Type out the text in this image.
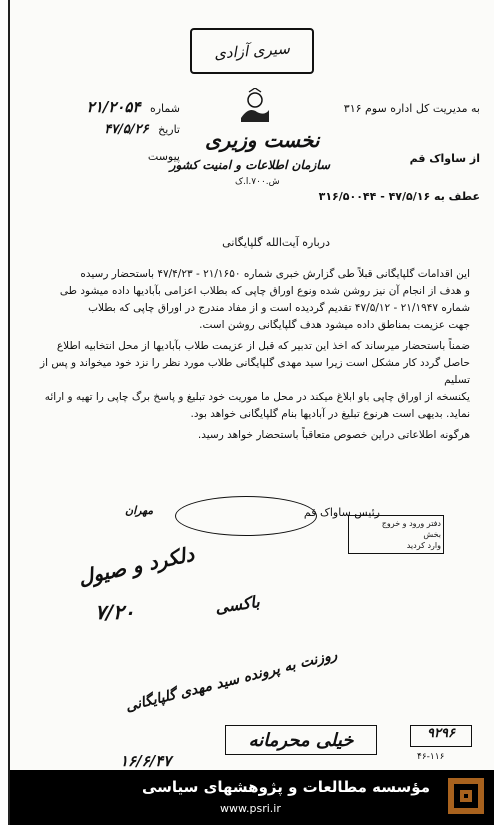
سیری آزادی
شماره ۲۱/۲۰۵۴
تاریخ ۴۷/۵/۲۶
پیوست
نخست وزیری
سازمان اطلاعات و امنیت کشور
ش.۷۰۰.ا.ک
به مدیریت کل اداره سوم ۳۱۶
از ساواک قم
عطف به ۴۷/۵/۱۶ - ۳۱۶/۵۰۰۴۴
درباره آیت‌الله گلپایگانی
این اقدامات گلپایگانی قبلاً طی گزارش خبری شماره ۲۱/۱۶۵۰ - ۴۷/۴/۲۳ باستحضار رسیده
و هدف از انجام آن نیز روشن شده ونوع اوراق چاپی که بطلاب اعزامی بآبادیها داده میشود طی
شماره ۲۱/۱۹۴۷ - ۴۷/۵/۱۲ تقدیم گردیده است و از مفاد مندرج در اوراق چاپی که بطلاب
جهت عزیمت بمناطق داده میشود هدف گلپایگانی روشن است.
ضمناً باستحضار میرساند که اخذ این تدبیر که قبل از عزیمت طلاب بآبادیها از محل انتخابیه اطلاع
حاصل گردد کار مشکل است زیرا سید مهدی گلپایگانی طلاب مورد نظر را نزد خود میخواند و پس از تسلیم
یکنسخه از اوراق چاپی باو ابلاغ میکند در محل ما موریت خود تبلیغ و پاسخ برگ چاپی را تهیه و ارائه
نماید. بدیهی است هرنوع تبلیغ در آبادیها بنام گلپایگانی خواهد بود.
هرگونه اطلاعاتی دراین خصوص متعاقباً باستحضار خواهد رسید.
رئیس ساواک قم
مهران
دفتر ورود و خروج
بخش
وارد کردید
دلکرد و صیول
۷/۲۰	باکسی
روزنت به پرونده سید مهدی گلپایگانی
۱۶/۶/۴۷
خیلی محرمانه	۹۲۹۶
۴۶-۱۱۶
مؤسسه مطالعات و پژوهشهای سیاسی
www.psri.ir
